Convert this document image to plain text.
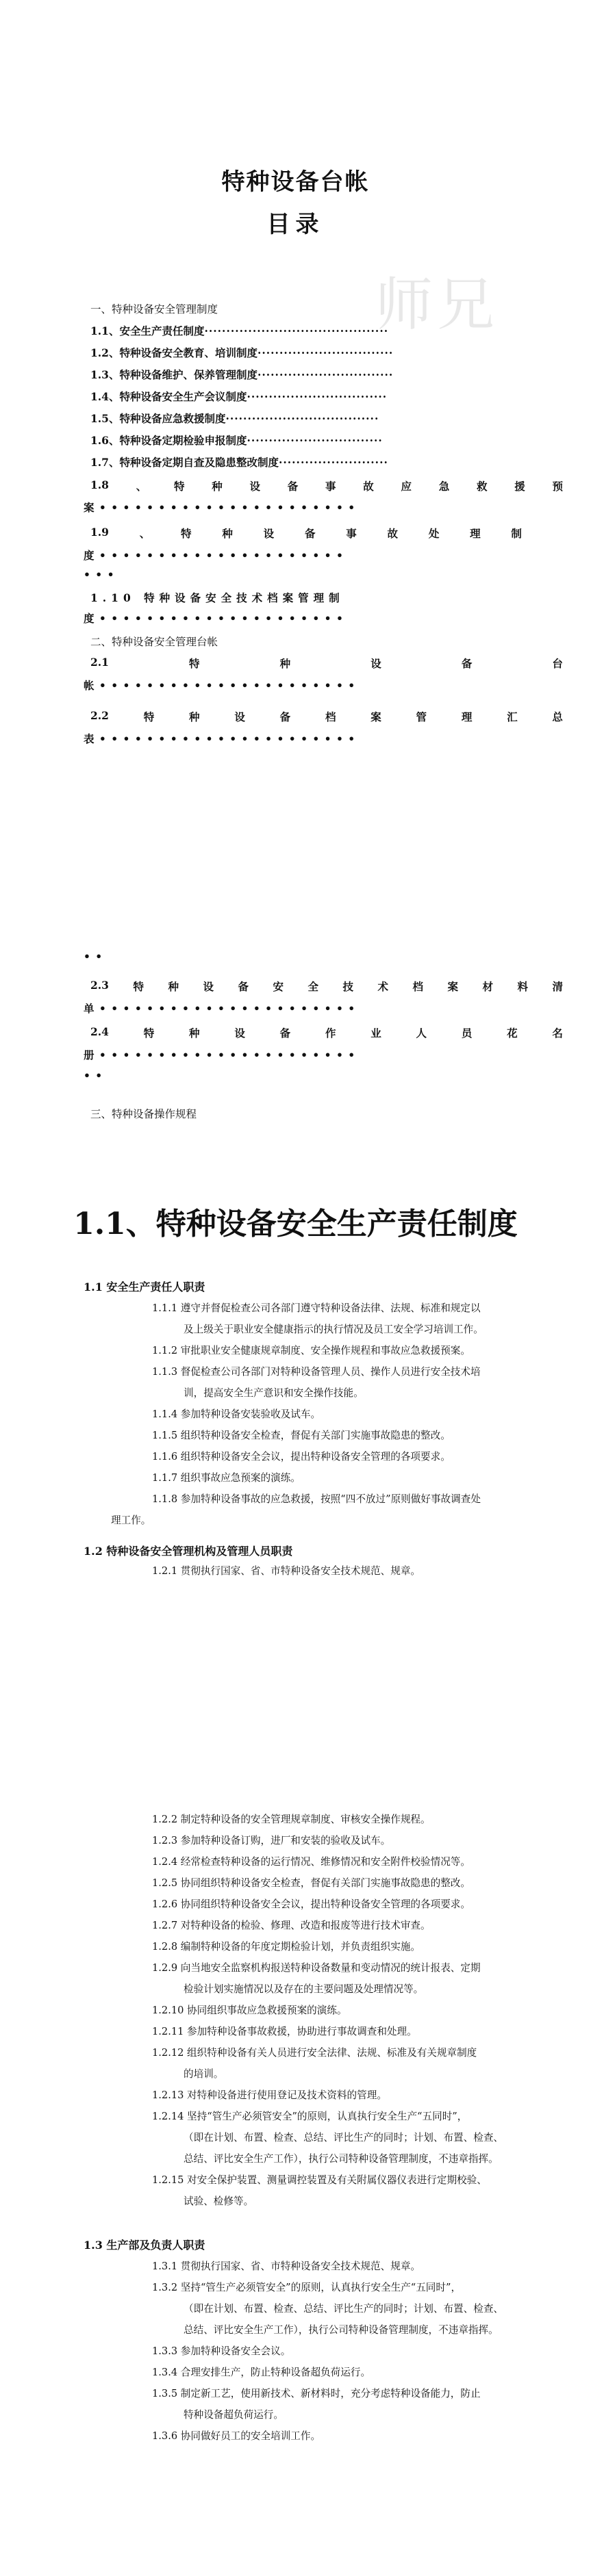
特种设备台帐
目录
师兄
一、特种设备安全管理制度
1.1、安全生产责任制度··········································
1.2、特种设备安全教育、培训制度·······························
1.3、特种设备维护、保养管理制度·······························
1.4、特种设备安全生产会议制度································
1.5、特种设备应急救援制度···································
1.6、特种设备定期检验申报制度·······························
1.7、特种设备定期自查及隐患整改制度·························
1.8	、	特	种	设	备	事	故	应	急	救	援	预
案 • • • • • • • • • • • • • • • • • • • • • •
1.9	、	特	种	设	备	事	故	处	理	制
度 • • • • • • • • • • • • • • • • • • • • •
• • •
1.10 特种设备安全技术档案管理制
度 • • • • • • • • • • • • • • • • • • • • •
二、特种设备安全管理台帐
2.1	特	种	设	备	台
帐 • • • • • • • • • • • • • • • • • • • • • •
2.2	特	种	设	备	档	案	管	理	汇	总
表 • • • • • • • • • • • • • • • • • • • • • •
• •
2.3 特 种 设 备 安 全 技 术 档 案 材 料 清
单 • • • • • • • • • • • • • • • • • • • • • •
2.4	特	种	设	备	作	业	人	员	花	名
册 • • • • • • • • • • • • • • • • • • • • • •
• •
三、特种设备操作规程
1.1、特种设备安全生产责任制度
1.1 安全生产责任人职责
1.1.1 遵守并督促检查公司各部门遵守特种设备法律、法规、标准和规定以
及上级关于职业安全健康指示的执行情况及员工安全学习培训工作。
1.1.2 审批职业安全健康规章制度、安全操作规程和事故应急救援预案。
1.1.3 督促检查公司各部门对特种设备管理人员、操作人员进行安全技术培
训，提高安全生产意识和安全操作技能。
1.1.4 参加特种设备安装验收及试车。
1.1.5 组织特种设备安全检查，督促有关部门实施事故隐患的整改。
1.1.6 组织特种设备安全会议，提出特种设备安全管理的各项要求。
1.1.7 组织事故应急预案的演练。
1.1.8 参加特种设备事故的应急救援，按照“四不放过”原则做好事故调查处
理工作。
1.2 特种设备安全管理机构及管理人员职责
1.2.1 贯彻执行国家、省、市特种设备安全技术规范、规章。
1.2.2 制定特种设备的安全管理规章制度、审核安全操作规程。
1.2.3 参加特种设备订购，进厂和安装的验收及试车。
1.2.4 经常检查特种设备的运行情况、维修情况和安全附件校验情况等。
1.2.5 协同组织特种设备安全检查，督促有关部门实施事故隐患的整改。
1.2.6 协同组织特种设备安全会议，提出特种设备安全管理的各项要求。
1.2.7 对特种设备的检验、修理、改造和报废等进行技术审查。
1.2.8 编制特种设备的年度定期检验计划，并负责组织实施。
1.2.9 向当地安全监察机构报送特种设备数量和变动情况的统计报表、定期
检验计划实施情况以及存在的主要问题及处理情况等。
1.2.10 协同组织事故应急救援预案的演练。
1.2.11 参加特种设备事故救援，协助进行事故调查和处理。
1.2.12 组织特种设备有关人员进行安全法律、法规、标准及有关规章制度
的培训。
1.2.13 对特种设备进行使用登记及技术资料的管理。
1.2.14 坚持“管生产必须管安全”的原则，认真执行安全生产“五同时”，
（即在计划、布置、检查、总结、评比生产的同时；计划、布置、检查、
总结、评比安全生产工作），执行公司特种设备管理制度，不违章指挥。
1.2.15 对安全保护装置、测量调控装置及有关附属仪器仪表进行定期校验、
试验、检修等。
1.3 生产部及负责人职责
1.3.1 贯彻执行国家、省、市特种设备安全技术规范、规章。
1.3.2 坚持“管生产必须管安全”的原则，认真执行安全生产“五同时”，
（即在计划、布置、检查、总结、评比生产的同时；计划、布置、检查、
总结、评比安全生产工作），执行公司特种设备管理制度，不违章指挥。
1.3.3 参加特种设备安全会议。
1.3.4 合理安排生产，防止特种设备超负荷运行。
1.3.5 制定新工艺，使用新技术、新材料时，充分考虑特种设备能力，防止
特种设备超负荷运行。
1.3.6 协同做好员工的安全培训工作。
